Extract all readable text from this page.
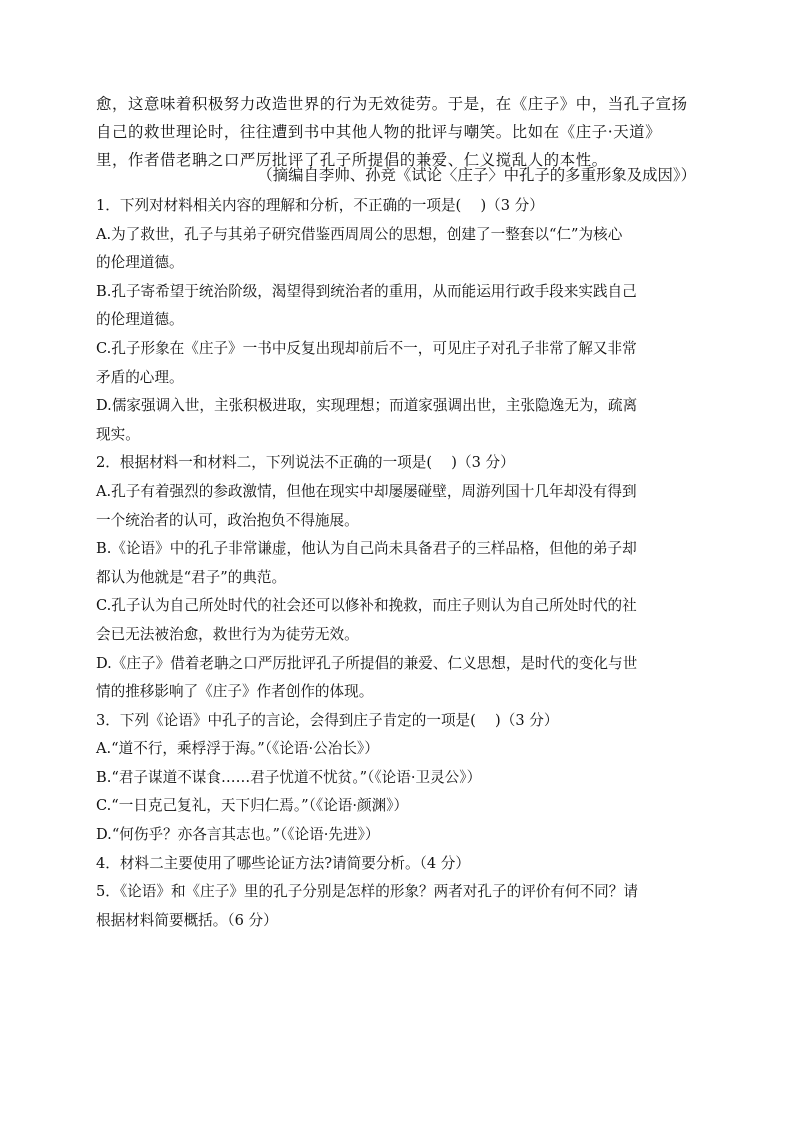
愈，这意味着积极努力改造世界的行为无效徒劳。于是，在《庄子》中，当孔子宣扬

自己的救世理论时，往往遭到书中其他人物的批评与嘲笑。比如在《庄子·天道》

里，作者借老聃之口严厉批评了孔子所提倡的兼爱、仁义搅乱人的本性。

（摘编自李帅、孙竞《试论〈庄子〉中孔子的多重形象及成因》）

1．下列对材料相关内容的理解和分析，不正确的一项是(　 )（3 分）

A.为了救世，孔子与其弟子研究借鉴西周周公的思想，创建了一整套以“仁”为核心

的伦理道德。

B.孔子寄希望于统治阶级，渴望得到统治者的重用，从而能运用行政手段来实践自己

的伦理道德。

C.孔子形象在《庄子》一书中反复出现却前后不一，可见庄子对孔子非常了解又非常

矛盾的心理。

D.儒家强调入世，主张积极进取，实现理想；而道家强调出世，主张隐逸无为，疏离

现实。

2．根据材料一和材料二，下列说法不正确的一项是(　 )（3 分）

A.孔子有着强烈的参政激情，但他在现实中却屡屡碰壁，周游列国十几年却没有得到

一个统治者的认可，政治抱负不得施展。

B.《论语》中的孔子非常谦虚，他认为自己尚未具备君子的三样品格，但他的弟子却

都认为他就是“君子”的典范。

C.孔子认为自己所处时代的社会还可以修补和挽救，而庄子则认为自己所处时代的社

会已无法被治愈，救世行为为徒劳无效。

D.《庄子》借着老聃之口严厉批评孔子所提倡的兼爱、仁义思想，是时代的变化与世

情的推移影响了《庄子》作者创作的体现。

3．下列《论语》中孔子的言论，会得到庄子肯定的一项是(　 )（3 分）

A.“道不行，乘桴浮于海。”（《论语·公冶长》）

B.“君子谋道不谋食……君子忧道不忧贫。”（《论语·卫灵公》）

C.“一日克己复礼，天下归仁焉。”（《论语·颜渊》）

D.“何伤乎？亦各言其志也。”（《论语·先进》）

4．材料二主要使用了哪些论证方法?请简要分析。（4 分）

5．《论语》和《庄子》里的孔子分别是怎样的形象？两者对孔子的评价有何不同？请

根据材料简要概括。（6 分）
